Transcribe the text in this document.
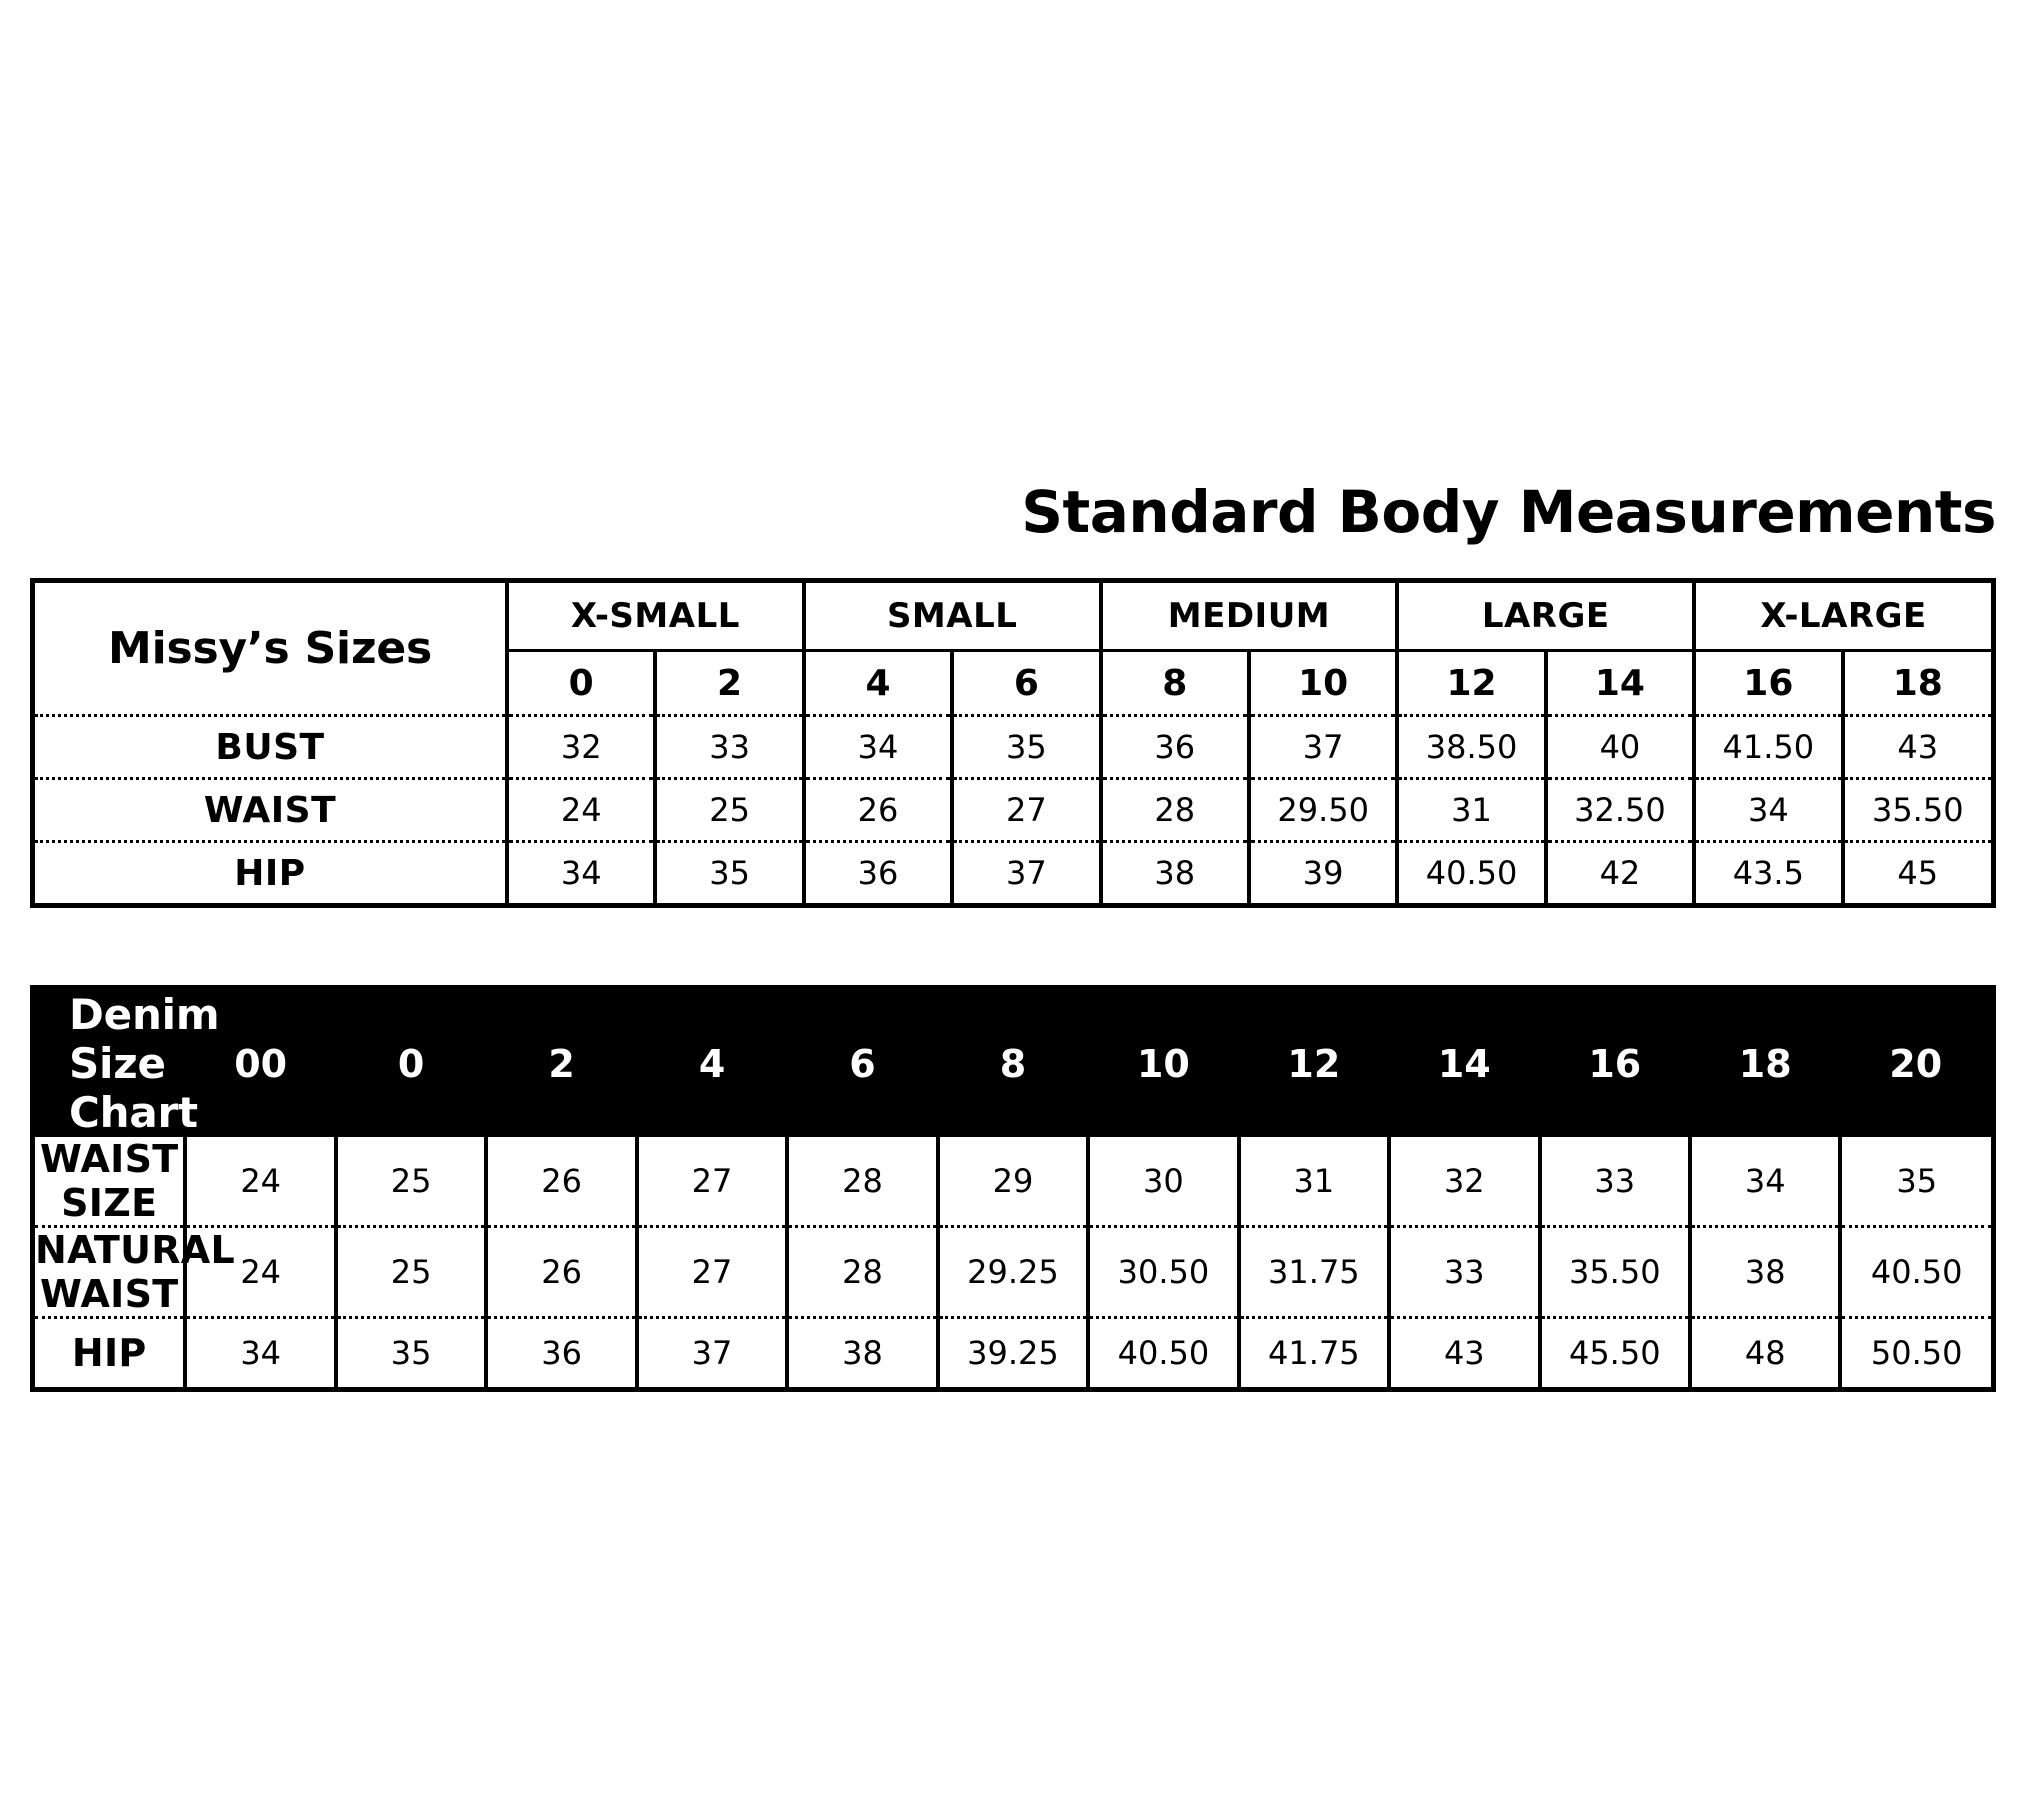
Standard Body Measurements
Missy’s Sizes	X-SMALL		SMALL		MEDIUM		LARGE		X-LARGE	
	0	2	4	6	8	10	12	14	16	18
BUST	32	33	34	35	36	37	38.50	40	41.50	43
WAIST	24	25	26	27	28	29.50	31	32.50	34	35.50
HIP	34	35	36	37	38	39	40.50	42	43.5	45
Denim Size Chart	00	0	2	4	6	8	10	12	14	16	18	20
WAIST SIZE	24	25	26	27	28	29	30	31	32	33	34	35
NATURAL WAIST	24	25	26	27	28	29.25	30.50	31.75	33	35.50	38	40.50
HIP	34	35	36	37	38	39.25	40.50	41.75	43	45.50	48	50.50
